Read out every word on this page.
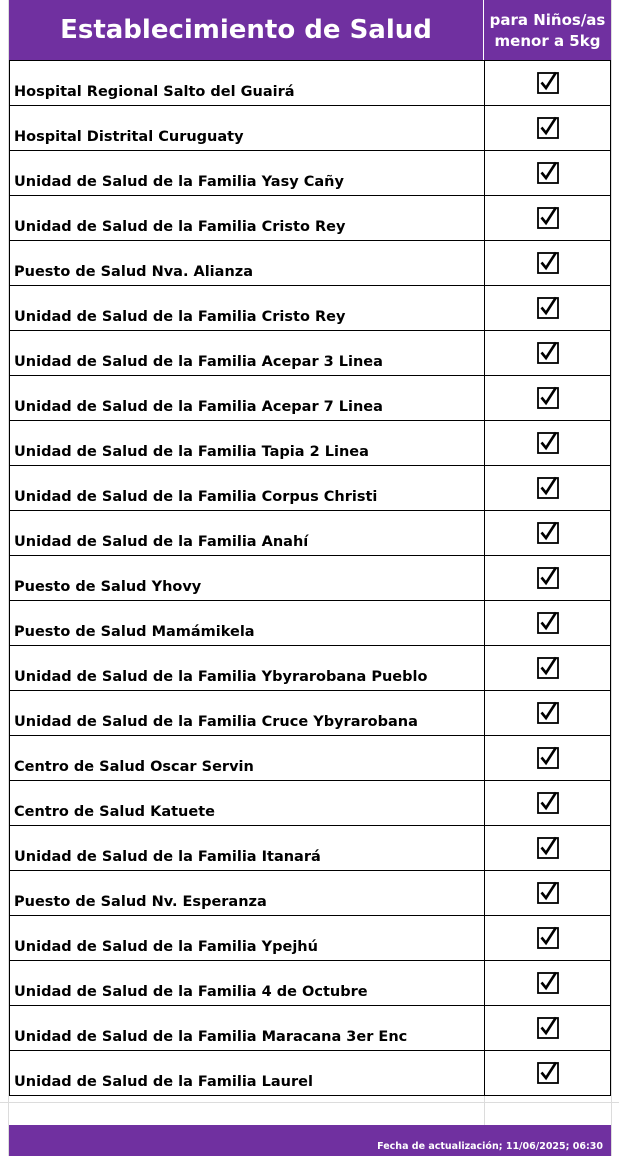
Establecimiento de Salud	para Niños/as
menor a 5kg
Hospital Regional Salto del Guairá
Hospital Distrital Curuguaty
Unidad de Salud de la Familia Yasy Cañy
Unidad de Salud de la Familia Cristo Rey
Puesto de Salud Nva. Alianza
Unidad de Salud de la Familia Cristo Rey
Unidad de Salud de la Familia Acepar 3 Linea
Unidad de Salud de la Familia Acepar 7 Linea
Unidad de Salud de la Familia Tapia 2 Linea
Unidad de Salud de la Familia Corpus Christi
Unidad de Salud de la Familia Anahí
Puesto de Salud Yhovy
Puesto de Salud Mamámikela
Unidad de Salud de la Familia Ybyrarobana Pueblo
Unidad de Salud de la Familia Cruce Ybyrarobana
Centro de Salud Oscar Servin
Centro de Salud Katuete
Unidad de Salud de la Familia Itanará
Puesto de Salud Nv. Esperanza
Unidad de Salud de la Familia Ypejhú
Unidad de Salud de la Familia 4 de Octubre
Unidad de Salud de la Familia Maracana 3er Enc
Unidad de Salud de la Familia Laurel
Fecha de actualización; 11/06/2025; 06:30
